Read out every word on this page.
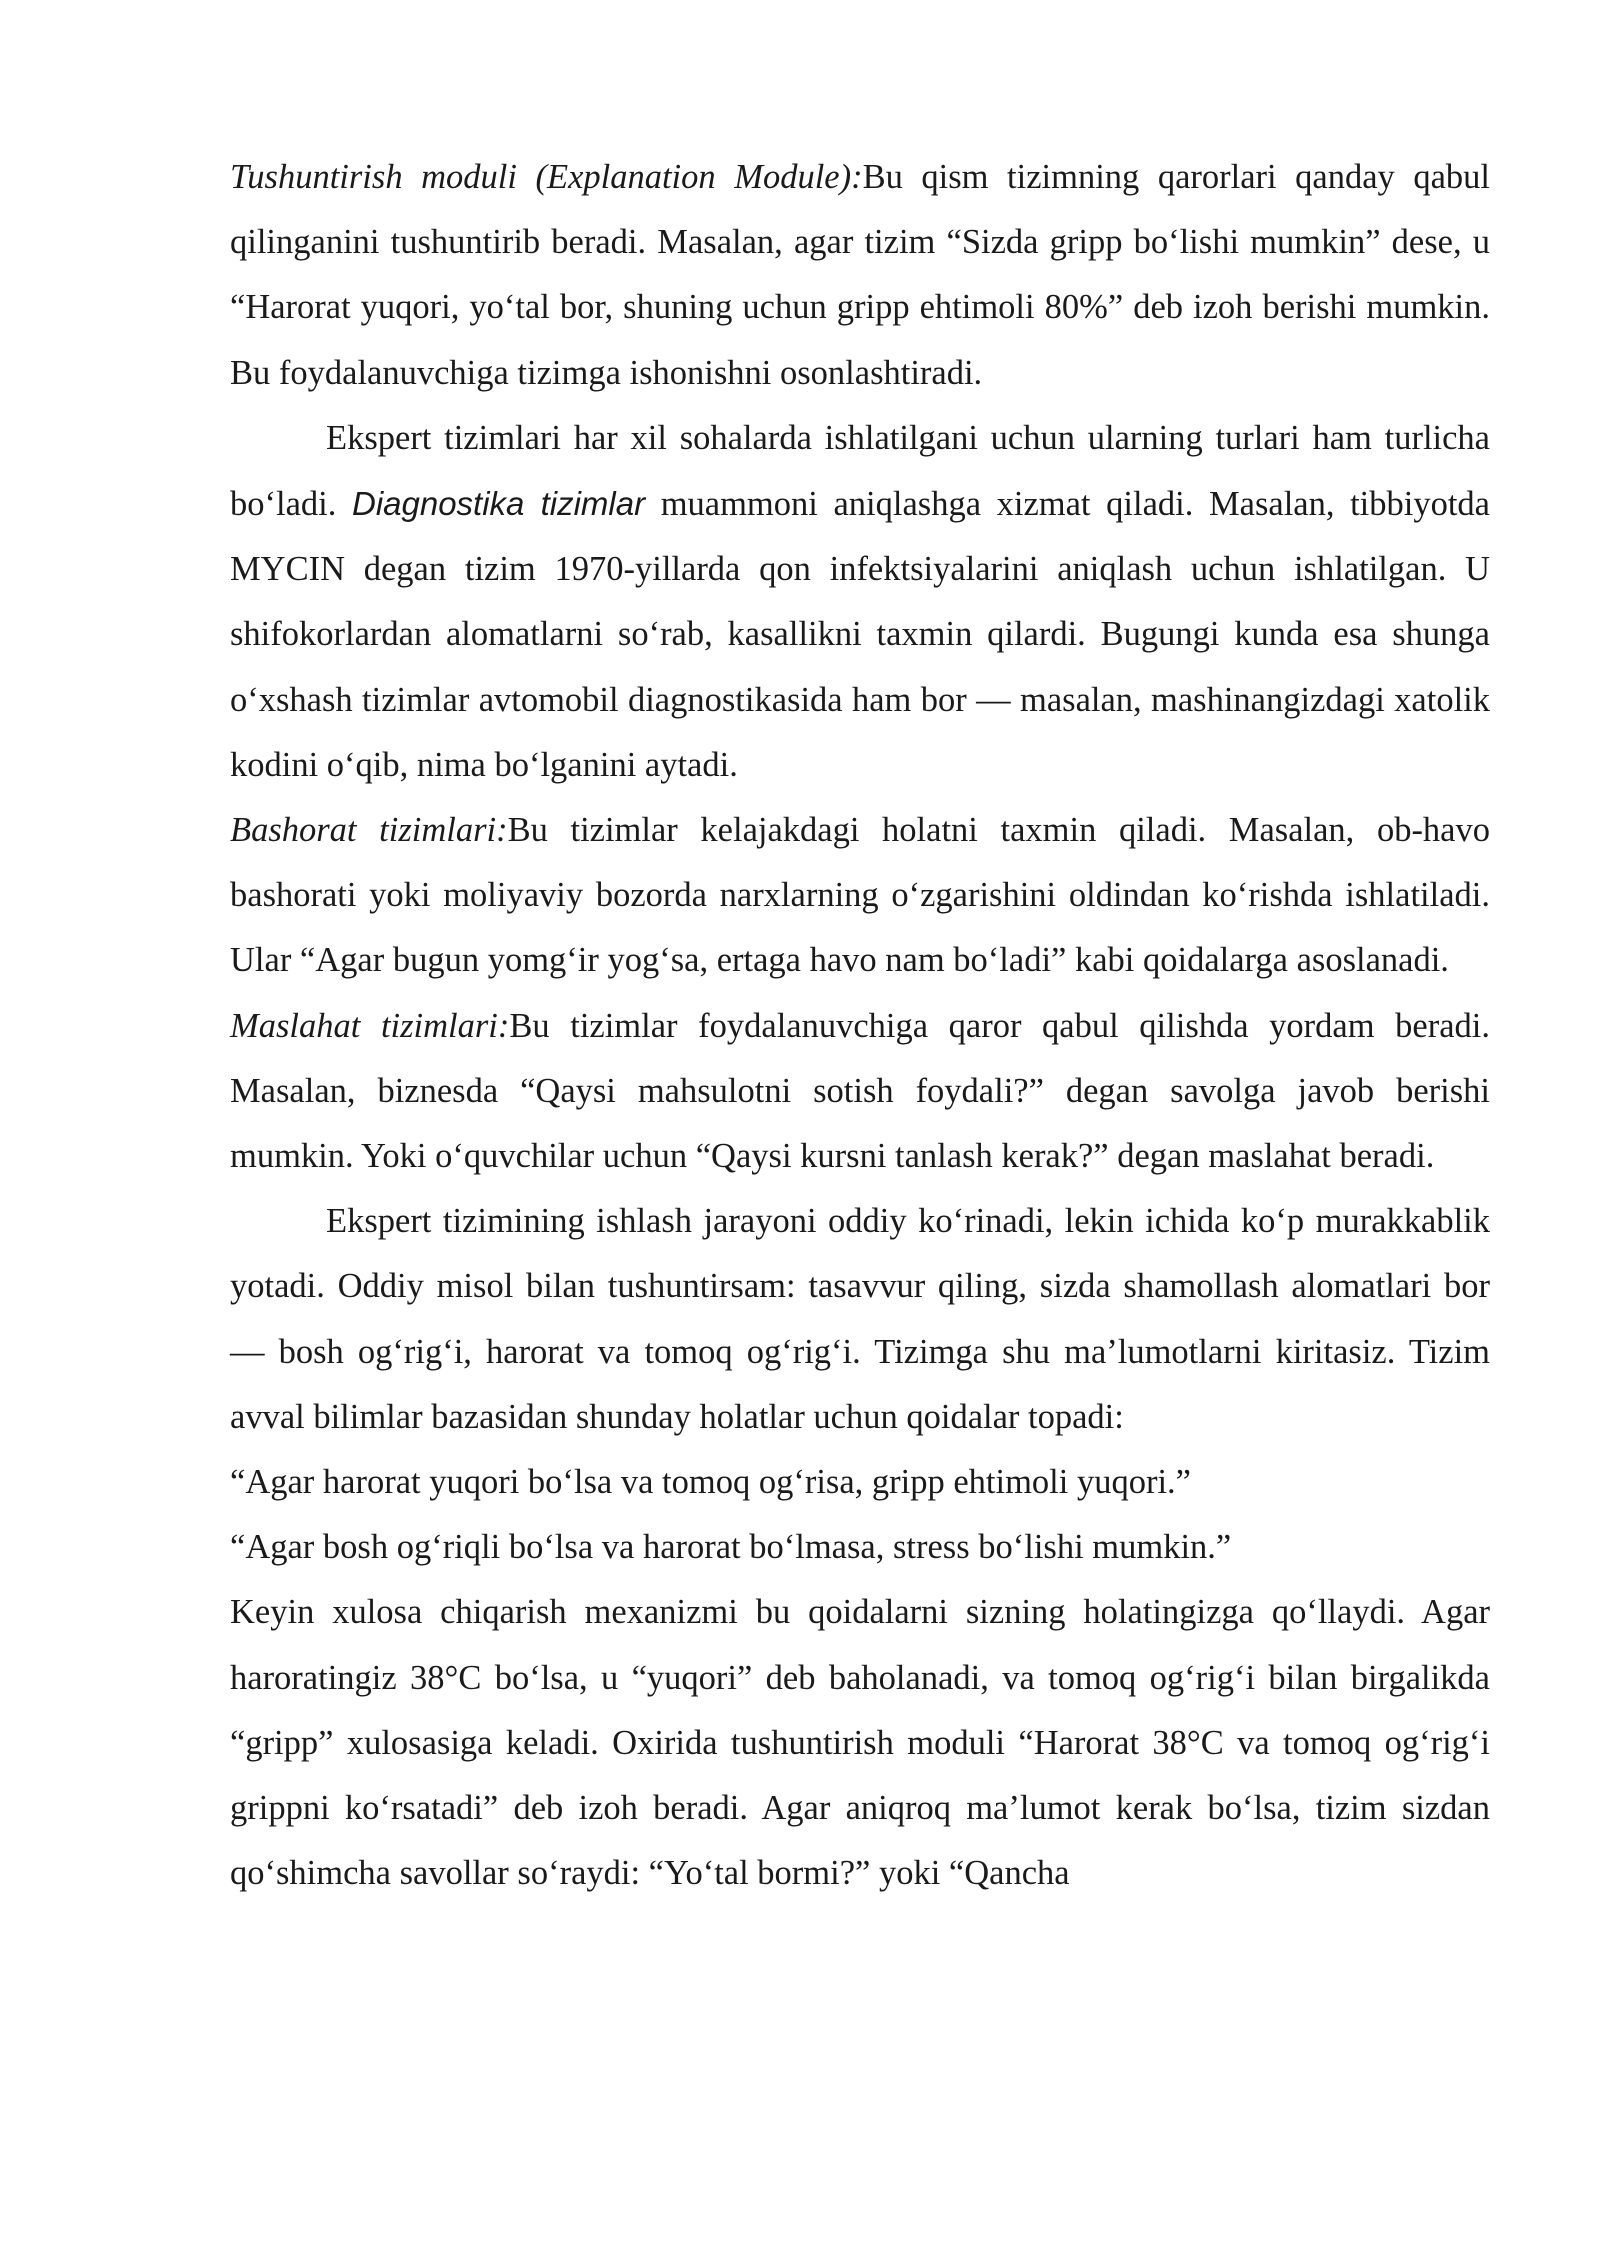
Tushuntirish moduli (Explanation Module):Bu qism tizimning qarorlari qanday qabul qilinganini tushuntirib beradi. Masalan, agar tizim “Sizda gripp bo‘lishi mumkin” dese, u “Harorat yuqori, yo‘tal bor, shuning uchun gripp ehtimoli 80%” deb izoh berishi mumkin. Bu foydalanuvchiga tizimga ishonishni osonlashtiradi.

Ekspert tizimlari har xil sohalarda ishlatilgani uchun ularning turlari ham turlicha bo‘ladi. Diagnostika tizimlar muammoni aniqlashga xizmat qiladi. Masalan, tibbiyotda MYCIN degan tizim 1970-yillarda qon infektsiyalarini aniqlash uchun ishlatilgan. U shifokorlardan alomatlarni so‘rab, kasallikni taxmin qilardi. Bugungi kunda esa shunga o‘xshash tizimlar avtomobil diagnostikasida ham bor — masalan, mashinangizdagi xatolik kodini o‘qib, nima bo‘lganini aytadi.

Bashorat tizimlari:Bu tizimlar kelajakdagi holatni taxmin qiladi. Masalan, ob-havo bashorati yoki moliyaviy bozorda narxlarning o‘zgarishini oldindan ko‘rishda ishlatiladi. Ular “Agar bugun yomg‘ir yog‘sa, ertaga havo nam bo‘ladi” kabi qoidalarga asoslanadi.

Maslahat tizimlari:Bu tizimlar foydalanuvchiga qaror qabul qilishda yordam beradi. Masalan, biznesda “Qaysi mahsulotni sotish foydali?” degan savolga javob berishi mumkin. Yoki o‘quvchilar uchun “Qaysi kursni tanlash kerak?” degan maslahat beradi.

Ekspert tizimining ishlash jarayoni oddiy ko‘rinadi, lekin ichida ko‘p murakkablik yotadi. Oddiy misol bilan tushuntirsam: tasavvur qiling, sizda shamollash alomatlari bor — bosh og‘rig‘i, harorat va tomoq og‘rig‘i. Tizimga shu ma’lumotlarni kiritasiz. Tizim avval bilimlar bazasidan shunday holatlar uchun qoidalar topadi:

“Agar harorat yuqori bo‘lsa va tomoq og‘risa, gripp ehtimoli yuqori.”

“Agar bosh og‘riqli bo‘lsa va harorat bo‘lmasa, stress bo‘lishi mumkin.”

Keyin xulosa chiqarish mexanizmi bu qoidalarni sizning holatingizga qo‘llaydi. Agar haroratingiz 38°C bo‘lsa, u “yuqori” deb baholanadi, va tomoq og‘rig‘i bilan birgalikda “gripp” xulosasiga keladi. Oxirida tushuntirish moduli “Harorat 38°C va tomoq og‘rig‘i grippni ko‘rsatadi” deb izoh beradi. Agar aniqroq ma’lumot kerak bo‘lsa, tizim sizdan qo‘shimcha savollar so‘raydi: “Yo‘tal bormi?” yoki “Qancha
